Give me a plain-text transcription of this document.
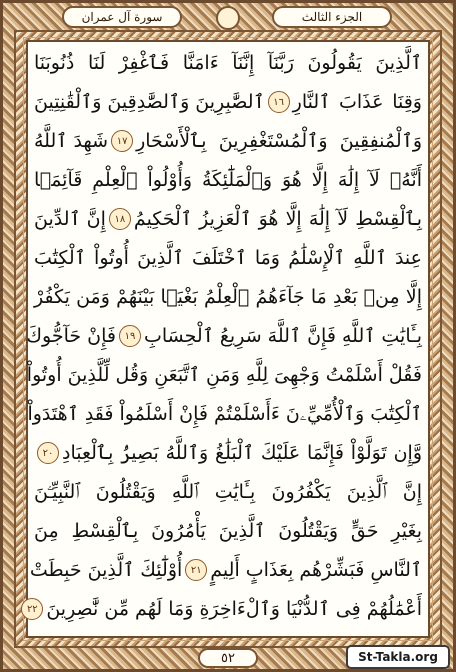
سورة آل عمران	الجزء الثالث
ٱلَّذِينَ يَقُولُونَ رَبَّنَآ إِنَّنَآ ءَامَنَّا فَٱغْفِرْ لَنَا ذُنُوبَنَا
وَقِنَا عَذَابَ ٱلنَّارِ
١٦
ٱلصَّٰبِرِينَ وَٱلصَّٰدِقِينَ وَٱلْقَٰنِتِينَ
وَٱلْمُنفِقِينَ وَٱلْمُسْتَغْفِرِينَ بِٱلْأَسْحَارِ
١٧
شَهِدَ ٱللَّهُ
أَنَّهُۥ لَآ إِلَٰهَ إِلَّا هُوَ وَٱلْمَلَٰٓئِكَةُ وَأُوْلُواْ ٱلْعِلْمِ قَآئِمَۢا
بِٱلْقِسْطِ لَآ إِلَٰهَ إِلَّا هُوَ ٱلْعَزِيزُ ٱلْحَكِيمُ
١٨
إِنَّ ٱلدِّينَ
عِندَ ٱللَّهِ ٱلْإِسْلَٰمُ وَمَا ٱخْتَلَفَ ٱلَّذِينَ أُوتُواْ ٱلْكِتَٰبَ
إِلَّا مِنۢ بَعْدِ مَا جَآءَهُمُ ٱلْعِلْمُ بَغْيَۢا بَيْنَهُمْ وَمَن يَكْفُرْ
بِـَٔايَٰتِ ٱللَّهِ فَإِنَّ ٱللَّهَ سَرِيعُ ٱلْحِسَابِ
١٩
فَإِنْ حَآجُّوكَ
فَقُلْ أَسْلَمْتُ وَجْهِىَ لِلَّهِ وَمَنِ ٱتَّبَعَنِ وَقُل لِّلَّذِينَ أُوتُواْ
ٱلْكِتَٰبَ وَٱلْأُمِّيِّۦنَ ءَأَسْلَمْتُمْ فَإِنْ أَسْلَمُواْ فَقَدِ ٱهْتَدَواْ
وَّإِن تَوَلَّوْاْ فَإِنَّمَا عَلَيْكَ ٱلْبَلَٰغُ وَٱللَّهُ بَصِيرُۢ بِٱلْعِبَادِ
٢٠
إِنَّ ٱلَّذِينَ يَكْفُرُونَ بِـَٔايَٰتِ ٱللَّهِ وَيَقْتُلُونَ ٱلنَّبِيِّـۧنَ
بِغَيْرِ حَقٍّ وَيَقْتُلُونَ ٱلَّذِينَ يَأْمُرُونَ بِٱلْقِسْطِ مِنَ
ٱلنَّاسِ فَبَشِّرْهُم بِعَذَابٍ أَلِيمٍ
٢١
أُوْلَٰٓئِكَ ٱلَّذِينَ حَبِطَتْ
أَعْمَٰلُهُمْ فِى ٱلدُّنْيَا وَٱلْءَاخِرَةِ وَمَا لَهُم مِّن نَّٰصِرِينَ
٢٢
٥٢	St-Takla.org
